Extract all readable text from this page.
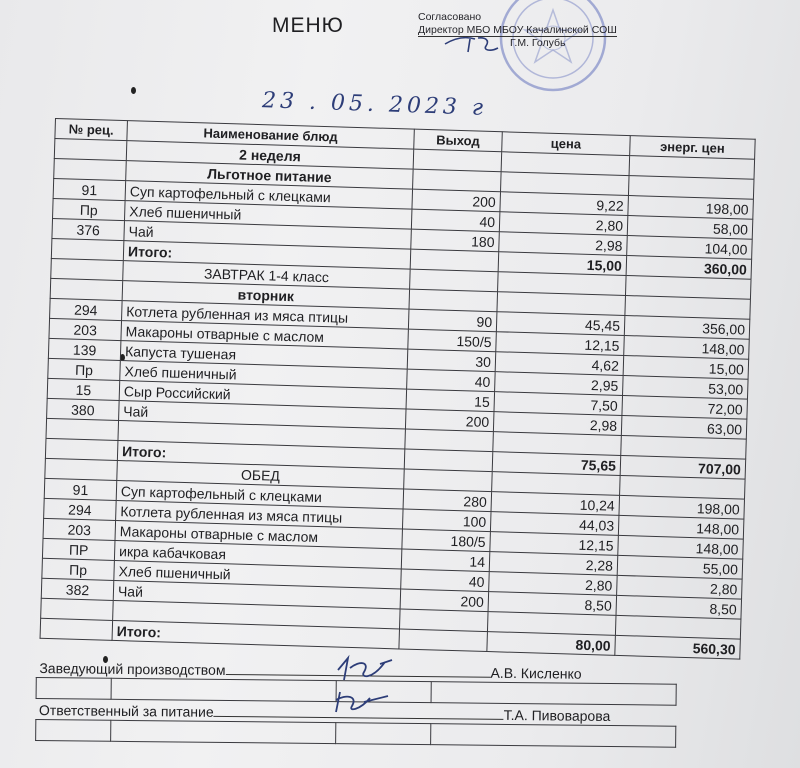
МЕНЮ	Согласовано
Директор МБО МБОУ Качалинской СОШ
Г.М. Голубь
23 . 05. 2023 г
№ рец.	Наименование блюд	Выход	цена	энерг. цен
	2 неделя			
	Льготное питание			
91	Суп картофельный с клецками	200	9,22	198,00
Пр	Хлеб пшеничный	40	2,80	58,00
376	Чай	180	2,98	104,00
	Итого:		15,00	360,00
	ЗАВТРАК 1-4 класс			
	вторник			
294	Котлета рубленная из мяса птицы	90	45,45	356,00
203	Макароны отварные с маслом	150/5	12,15	148,00
139	Капуста тушеная	30	4,62	15,00
Пр	Хлеб пшеничный	40	2,95	53,00
15	Сыр Российский	15	7,50	72,00
380	Чай	200	2,98	63,00

	Итого:		75,65	707,00
	ОБЕД			
91	Суп картофельный с клецками	280	10,24	198,00
294	Котлета рубленная из мяса птицы	100	44,03	148,00
203	Макароны отварные с маслом	180/5	12,15	148,00
ПР	икра кабачковая	14	2,28	55,00
Пр	Хлеб пшеничный	40	2,80	2,80
382	Чай	200	8,50	8,50

	Итого:		80,00	560,30
Заведующий производством А.В. Кисленко			

Ответственный за питание Т.А. Пивоварова			
